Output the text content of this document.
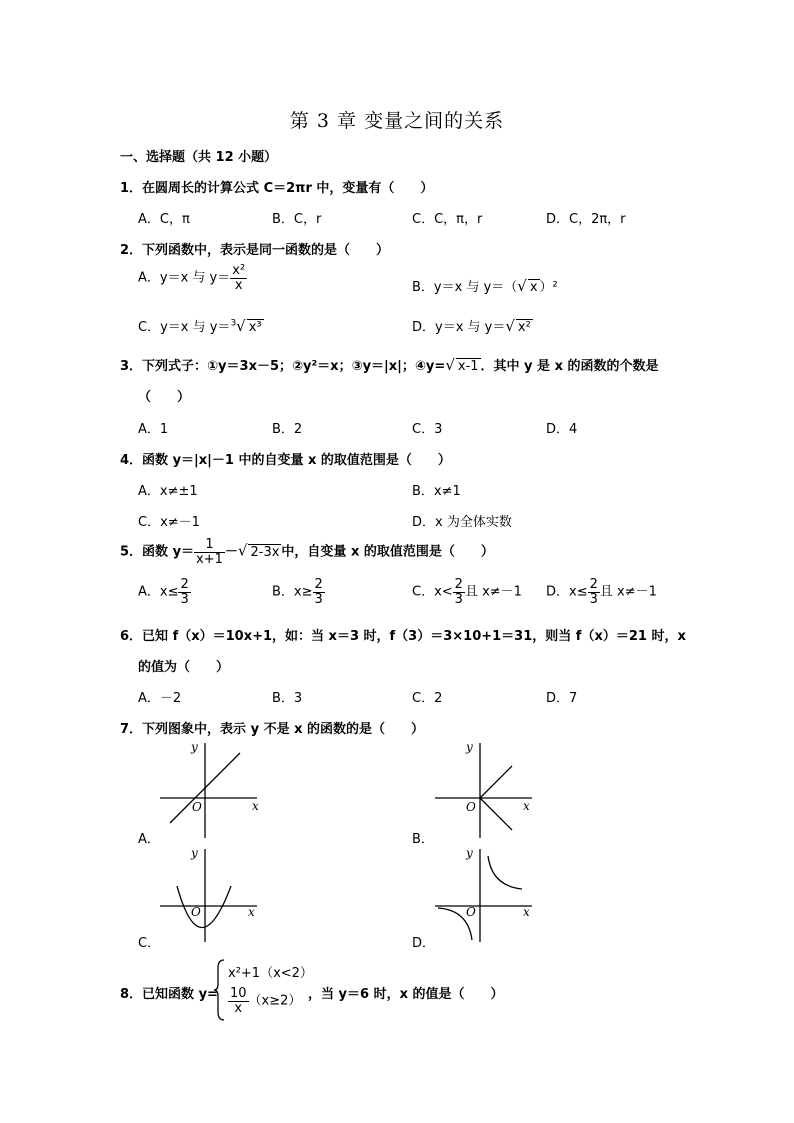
第 3 章 变量之间的关系
一、选择题（共 12 小题）
1．在圆周长的计算公式 C＝2πr 中，变量有（　　）
A．C，π	B．C，r	C．C，π，r	D．C，2π，r
2．下列函数中，表示是同一函数的是（　　）
A．y＝x 与 $y= \frac{\text{x²}}{x}$	B．y＝x 与 y＝（√ x ）²
C．y＝x 与 y＝$^3$√ x³	D．y＝x 与 y＝√ x²
3．下列式子：①y＝3x－5；②y²＝x；③y＝|x|；④y=√ x-1 ．其中 y 是 x 的函数的个数是
（　　）
A．1	B．2	C．3	D．4
4．函数 y＝|x|－1 中的自变量 x 的取值范围是（　　）
A．x≠±1	B．x≠1
C．x≠－1	D．x 为全体实数
5．函数 $y= \frac{1}{x+1}$ －√ 2-3x 中，自变量 x 的取值范围是（　　）
A．$x\le \frac{2}{3}$	B．$x\ge \frac{2}{3}$	C．$x< \frac{2}{3}$ 且 x≠－1 D．$x\le \frac{2}{3}$ 且 x≠－1
6．已知 f（x）＝10x+1，如：当 x＝3 时，f（3）＝3×10+1＝31，则当 f（x）＝21 时，x
的值为（　　）
A．－2	B．3	C．2	D．7
7．下列图象中，表示 y 不是 x 的函数的是（　　）
x
y
O
A．
x
y
O
B．
x
y
O
C．
x
y
O
D．
8．已知函数 y=
x²+1（x<2）
$\frac{10}{x} (x\ge 2)$ ，当 y＝6 时，x 的值是（　　）
